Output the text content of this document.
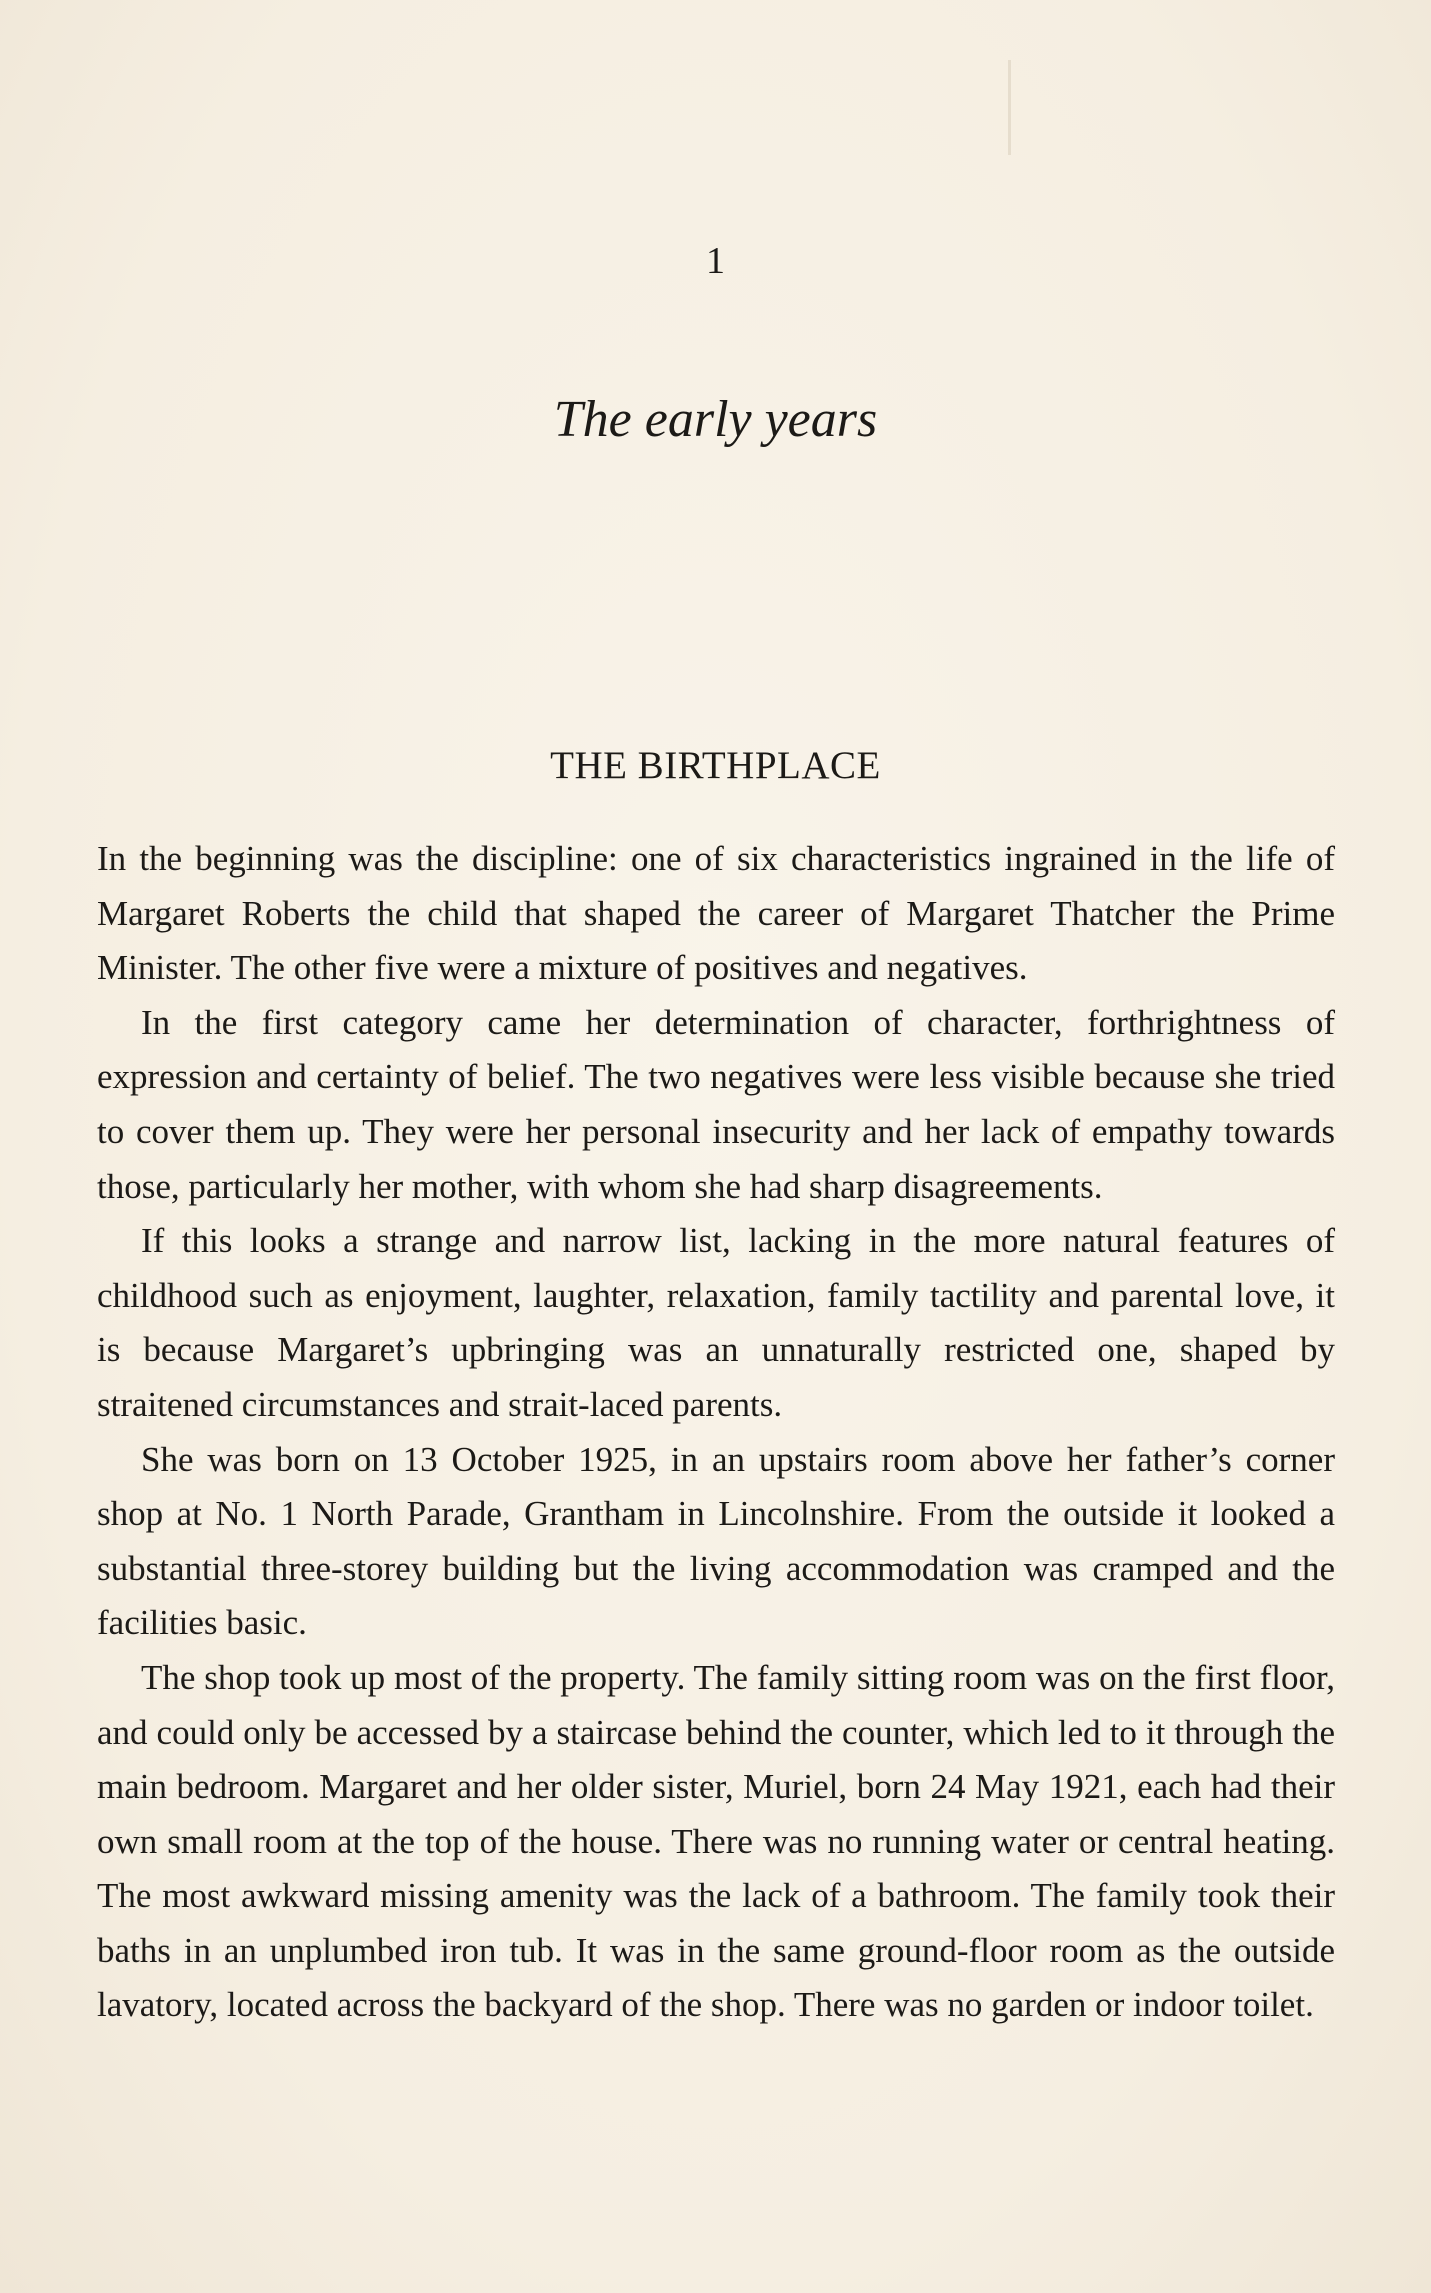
1
The early years
THE BIRTHPLACE

In the beginning was the discipline: one of six characteristics ingrained in the life of Margaret Roberts the child that shaped the career of Margaret Thatcher the Prime Minister. The other five were a mixture of positives and negatives.

In the first category came her determination of character, forthrightness of expression and certainty of belief. The two negatives were less visible because she tried to cover them up. They were her personal insecurity and her lack of empathy towards those, particularly her mother, with whom she had sharp disagreements.

If this looks a strange and narrow list, lacking in the more natural features of childhood such as enjoyment, laughter, relaxation, family tactility and parental love, it is because Margaret’s upbringing was an unnaturally restricted one, shaped by straitened circumstances and strait-laced parents.

She was born on 13 October 1925, in an upstairs room above her father’s corner shop at No. 1 North Parade, Grantham in Lincolnshire. From the outside it looked a substantial three-storey building but the living accommodation was cramped and the facilities basic.

The shop took up most of the property. The family sitting room was on the first floor, and could only be accessed by a staircase behind the counter, which led to it through the main bedroom. Margaret and her older sister, Muriel, born 24 May 1921, each had their own small room at the top of the house. There was no running water or central heating. The most awkward missing amenity was the lack of a bathroom. The family took their baths in an unplumbed iron tub. It was in the same ground-floor room as the outside lavatory, located across the backyard of the shop. There was no garden or indoor toilet.
